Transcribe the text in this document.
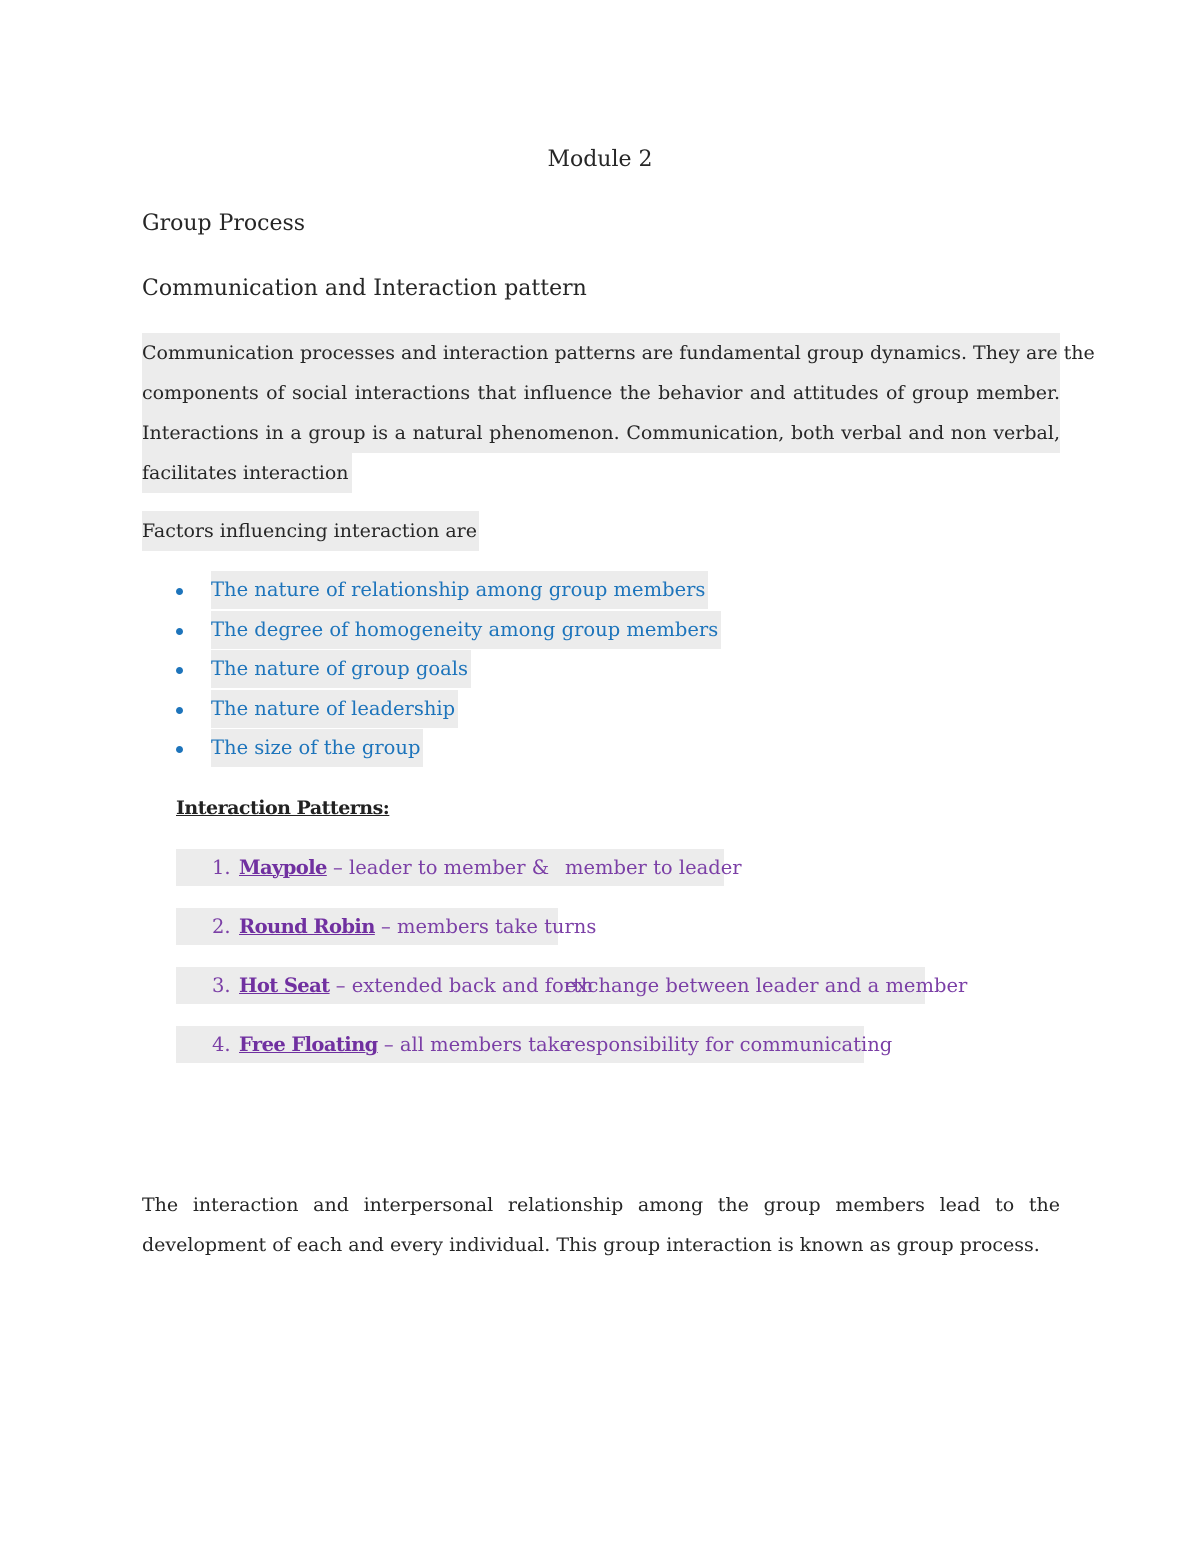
Module 2
Group Process
Communication and Interaction pattern
Communication processes and interaction patterns are fundamental group dynamics. They are the
components of social interactions that influence the behavior and attitudes of group member.
Interactions in a group is a natural phenomenon. Communication, both verbal and non verbal,
facilitates interaction
Factors influencing interaction are
The nature of relationship among group members
The degree of homogeneity among group members
The nature of group goals
The nature of leadership
The size of the group
Interaction Patterns:
1. Maypole – leader to member & member to leader
2. Round Robin – members take turns
3. Hot Seat – extended back and forth
exchange between leader and a member
4. Free Floating – all members take
responsibility for communicating
The interaction and interpersonal relationship among the group members lead to the
development of each and every individual. This group interaction is known as group process.
